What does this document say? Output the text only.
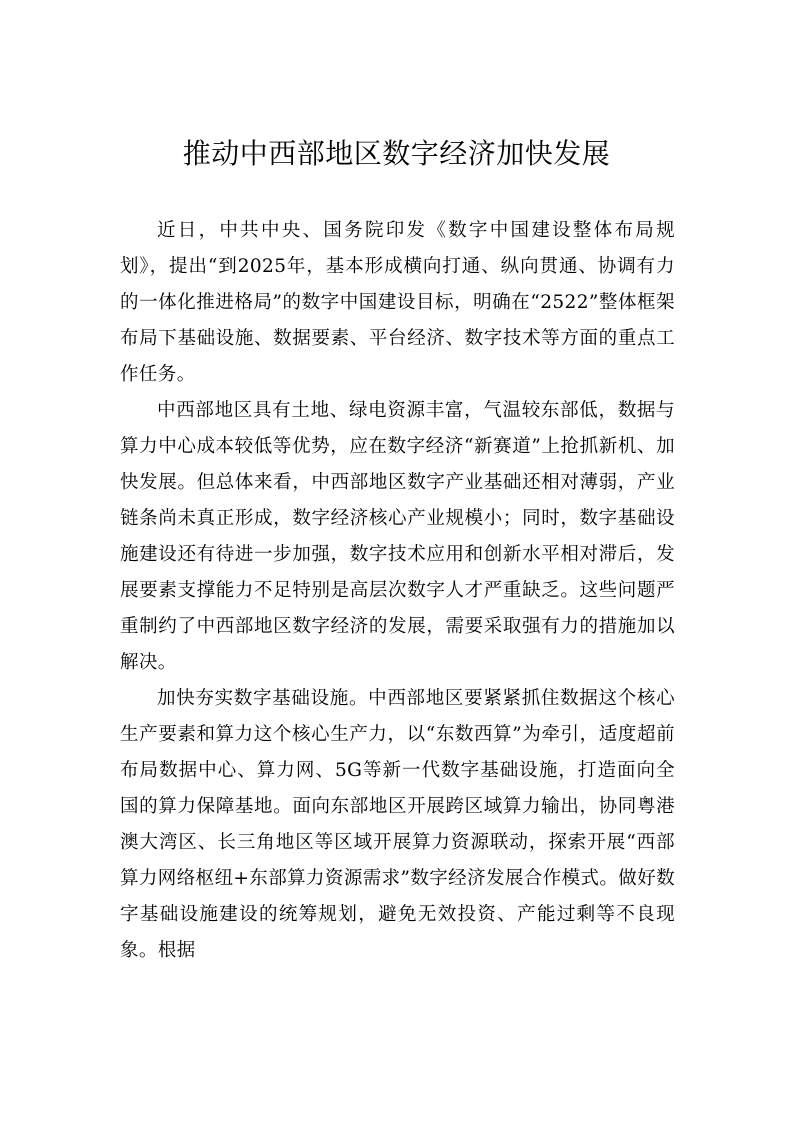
推动中西部地区数字经济加快发展

近日，中共中央、国务院印发《数字中国建设整体布局规划》，提出“到2025年，基本形成横向打通、纵向贯通、协调有力的一体化推进格局”的数字中国建设目标，明确在“2522”整体框架布局下基础设施、数据要素、平台经济、数字技术等方面的重点工作任务。

中西部地区具有土地、绿电资源丰富，气温较东部低，数据与算力中心成本较低等优势，应在数字经济“新赛道”上抢抓新机、加快发展。但总体来看，中西部地区数字产业基础还相对薄弱，产业链条尚未真正形成，数字经济核心产业规模小；同时，数字基础设施建设还有待进一步加强，数字技术应用和创新水平相对滞后，发展要素支撑能力不足特别是高层次数字人才严重缺乏。这些问题严重制约了中西部地区数字经济的发展，需要采取强有力的措施加以解决。

加快夯实数字基础设施。中西部地区要紧紧抓住数据这个核心生产要素和算力这个核心生产力，以“东数西算”为牵引，适度超前布局数据中心、算力网、5G等新一代数字基础设施，打造面向全国的算力保障基地。面向东部地区开展跨区域算力输出，协同粤港澳大湾区、长三角地区等区域开展算力资源联动，探索开展“西部算力网络枢纽+东部算力资源需求”数字经济发展合作模式。做好数字基础设施建设的统筹规划，避免无效投资、产能过剩等不良现象。根据
